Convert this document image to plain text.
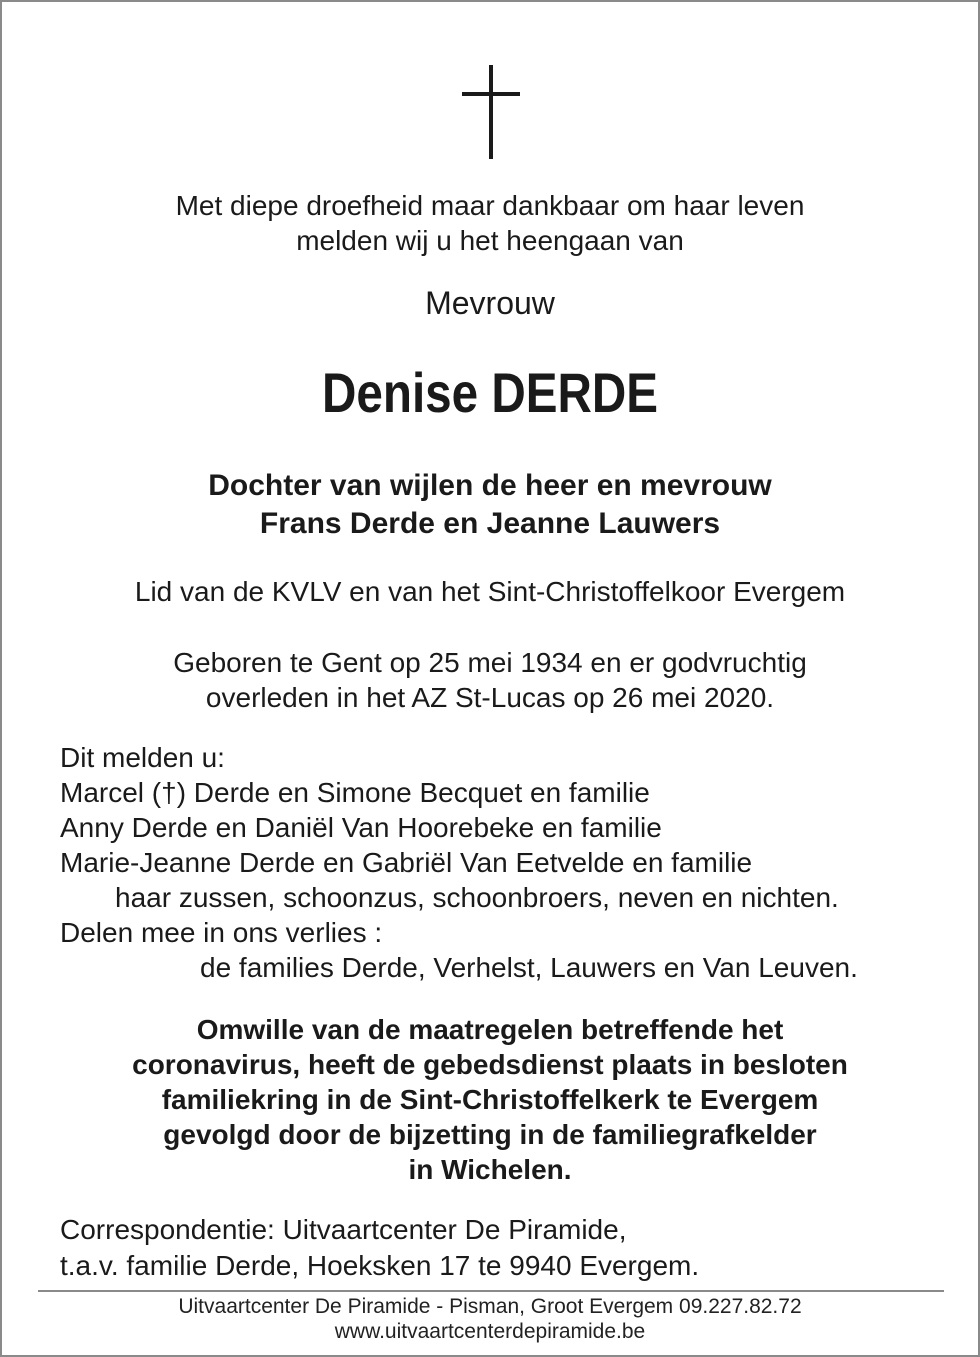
Met diepe droefheid maar dankbaar om haar leven
melden wij u het heengaan van
Mevrouw
Denise DERDE
Dochter van wijlen de heer en mevrouw
Frans Derde en Jeanne Lauwers
Lid van de KVLV en van het Sint-Christoffelkoor Evergem
Geboren te Gent op 25 mei 1934 en er godvruchtig
overleden in het AZ St-Lucas op 26 mei 2020.
Dit melden u:
Marcel (†) Derde en Simone Becquet en familie
Anny Derde en Daniël Van Hoorebeke en familie
Marie-Jeanne Derde en Gabriël Van Eetvelde en familie
haar zussen, schoonzus, schoonbroers, neven en nichten.
Delen mee in ons verlies :
de families Derde, Verhelst, Lauwers en Van Leuven.
Omwille van de maatregelen betreffende het
coronavirus, heeft de gebedsdienst plaats in besloten
familiekring in de Sint-Christoffelkerk te Evergem
gevolgd door de bijzetting in de familiegrafkelder
in Wichelen.
Correspondentie: Uitvaartcenter De Piramide,
t.a.v. familie Derde, Hoeksken 17 te 9940 Evergem.
Uitvaartcenter De Piramide - Pisman, Groot Evergem 09.227.82.72
www.uitvaartcenterdepiramide.be
